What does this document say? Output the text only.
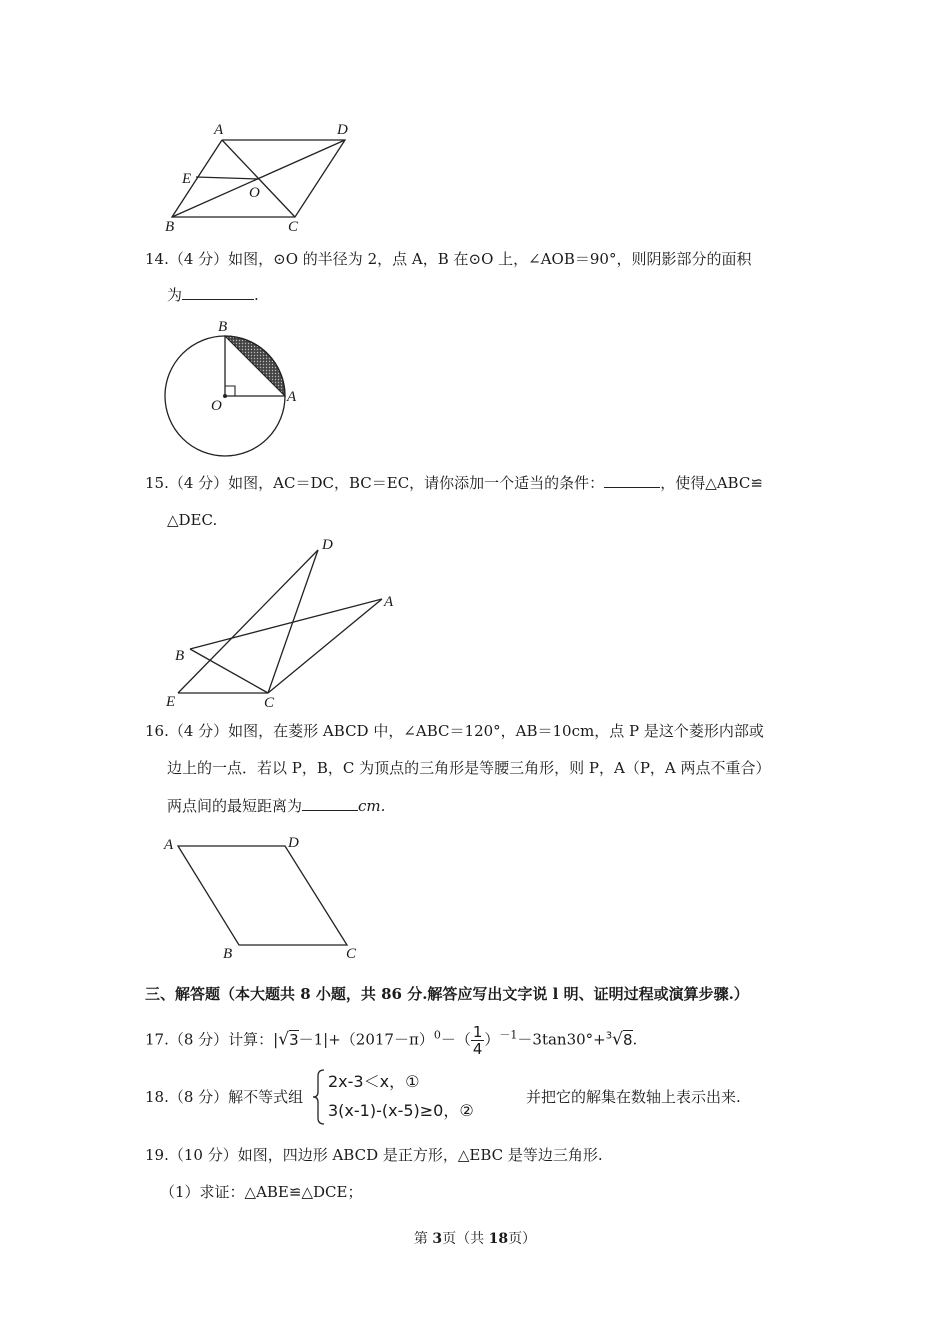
A	D
E
O
B	C
14.（4 分）如图，⊙O 的半径为 2，点 A，B 在⊙O 上，∠AOB＝90°，则阴影部分的面积
为	.
B
O
A
15.（4 分）如图，AC＝DC，BC＝EC，请你添加一个适当的条件：	，使得△ABC≌
△DEC.
D
A
B
E	C
16.（4 分）如图，在菱形 ABCD 中，∠ABC＝120°，AB＝10cm，点 P 是这个菱形内部或
边上的一点．若以 P，B，C 为顶点的三角形是等腰三角形，则 P，A（P，A 两点不重合）
两点间的最短距离为	cm.
A	D
B	C
三、解答题（本大题共 8 小题，共 86 分.解答应写出文字说 l 明、证明过程或演算步骤.）
17.（8 分）计算：$|√3-1|+(2017-\pi)^0-( \frac{1}{4} )^{-1}-3\tan 30^\circ+^3√8$.
18.（8 分）解不等式组
2x-3＜x，①
3(x-1)-(x-5)≥0，②
并把它的解集在数轴上表示出来.
19.（10 分）如图，四边形 ABCD 是正方形，△EBC 是等边三角形.
（1）求证：△ABE≌△DCE；
第 3页（共 18页）
